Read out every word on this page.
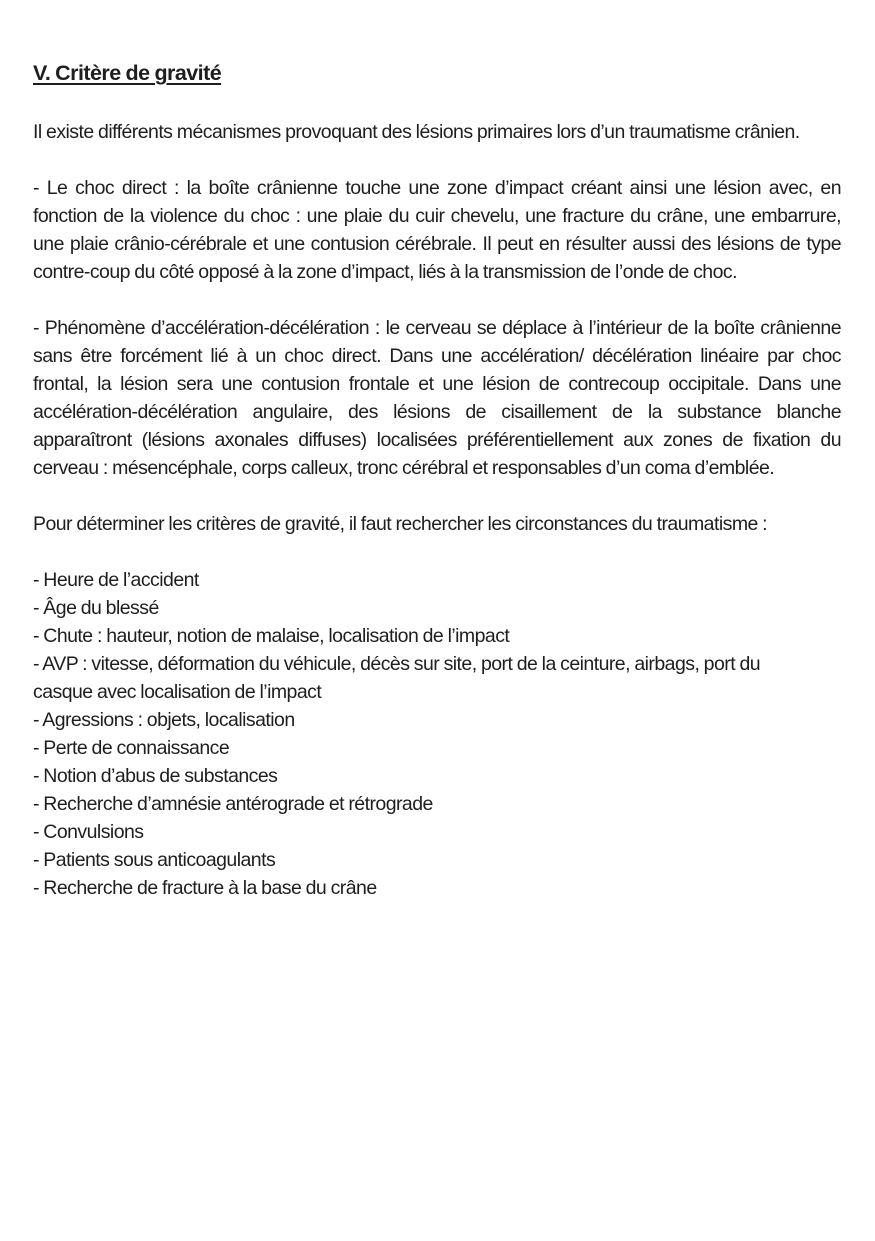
V. Critère de gravité

Il existe différents mécanismes provoquant des lésions primaires lors d’un traumatisme crânien.

- Le choc direct : la boîte crânienne touche une zone d’impact créant ainsi une lésion avec, en fonction de la violence du choc : une plaie du cuir chevelu, une fracture du crâne, une embarrure, une plaie crânio-cérébrale et une contusion cérébrale. Il peut en résulter aussi des lésions de type contre-coup du côté opposé à la zone d’impact, liés à la transmission de l’onde de choc.

- Phénomène d’accélération-décélération : le cerveau se déplace à l’intérieur de la boîte crânienne sans être forcément lié à un choc direct. Dans une accélération/ décélération linéaire par choc frontal, la lésion sera une contusion frontale et une lésion de contrecoup occipitale. Dans une accélération-décélération angulaire, des lésions de cisaillement de la substance blanche apparaîtront (lésions axonales diffuses) localisées préférentiellement aux zones de fixation du cerveau : mésencéphale, corps calleux, tronc cérébral et responsables d’un coma d’emblée.

Pour déterminer les critères de gravité, il faut rechercher les circonstances du traumatisme :

- Heure de l’accident
- Âge du blessé
- Chute : hauteur, notion de malaise, localisation de l’impact
- AVP : vitesse, déformation du véhicule, décès sur site, port de la ceinture, airbags, port du casque avec localisation de l’impact
- Agressions : objets, localisation
- Perte de connaissance
- Notion d’abus de substances
- Recherche d’amnésie antérograde et rétrograde
- Convulsions
- Patients sous anticoagulants
- Recherche de fracture à la base du crâne
